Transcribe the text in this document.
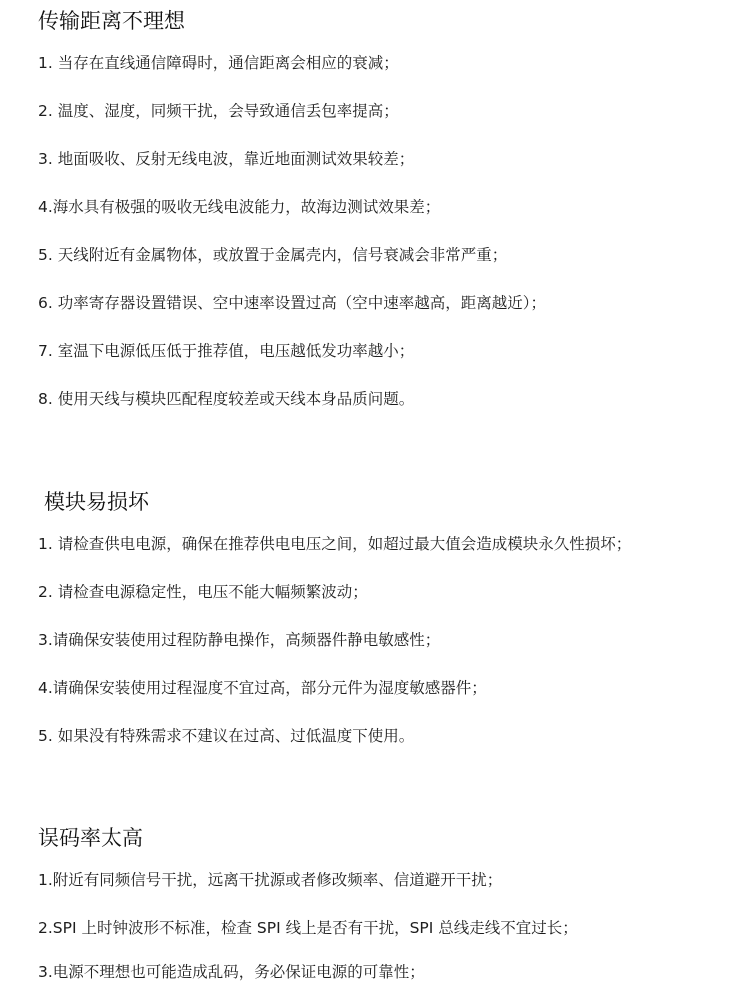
传输距离不理想
1. 当存在直线通信障碍时，通信距离会相应的衰减；
2. 温度、湿度，同频干扰，会导致通信丢包率提高；
3. 地面吸收、反射无线电波，靠近地面测试效果较差；
4.海水具有极强的吸收无线电波能力，故海边测试效果差；
5. 天线附近有金属物体，或放置于金属壳内，信号衰减会非常严重；
6. 功率寄存器设置错误、空中速率设置过高（空中速率越高，距离越近）；
7. 室温下电源低压低于推荐值，电压越低发功率越小；
8. 使用天线与模块匹配程度较差或天线本身品质问题。
模块易损坏
1. 请检查供电电源，确保在推荐供电电压之间，如超过最大值会造成模块永久性损坏；
2. 请检查电源稳定性，电压不能大幅频繁波动；
3.请确保安装使用过程防静电操作，高频器件静电敏感性；
4.请确保安装使用过程湿度不宜过高，部分元件为湿度敏感器件；
5. 如果没有特殊需求不建议在过高、过低温度下使用。
误码率太高
1.附近有同频信号干扰，远离干扰源或者修改频率、信道避开干扰；
2.SPI 上时钟波形不标准，检查 SPI 线上是否有干扰，SPI 总线走线不宜过长；
3.电源不理想也可能造成乱码，务必保证电源的可靠性；
